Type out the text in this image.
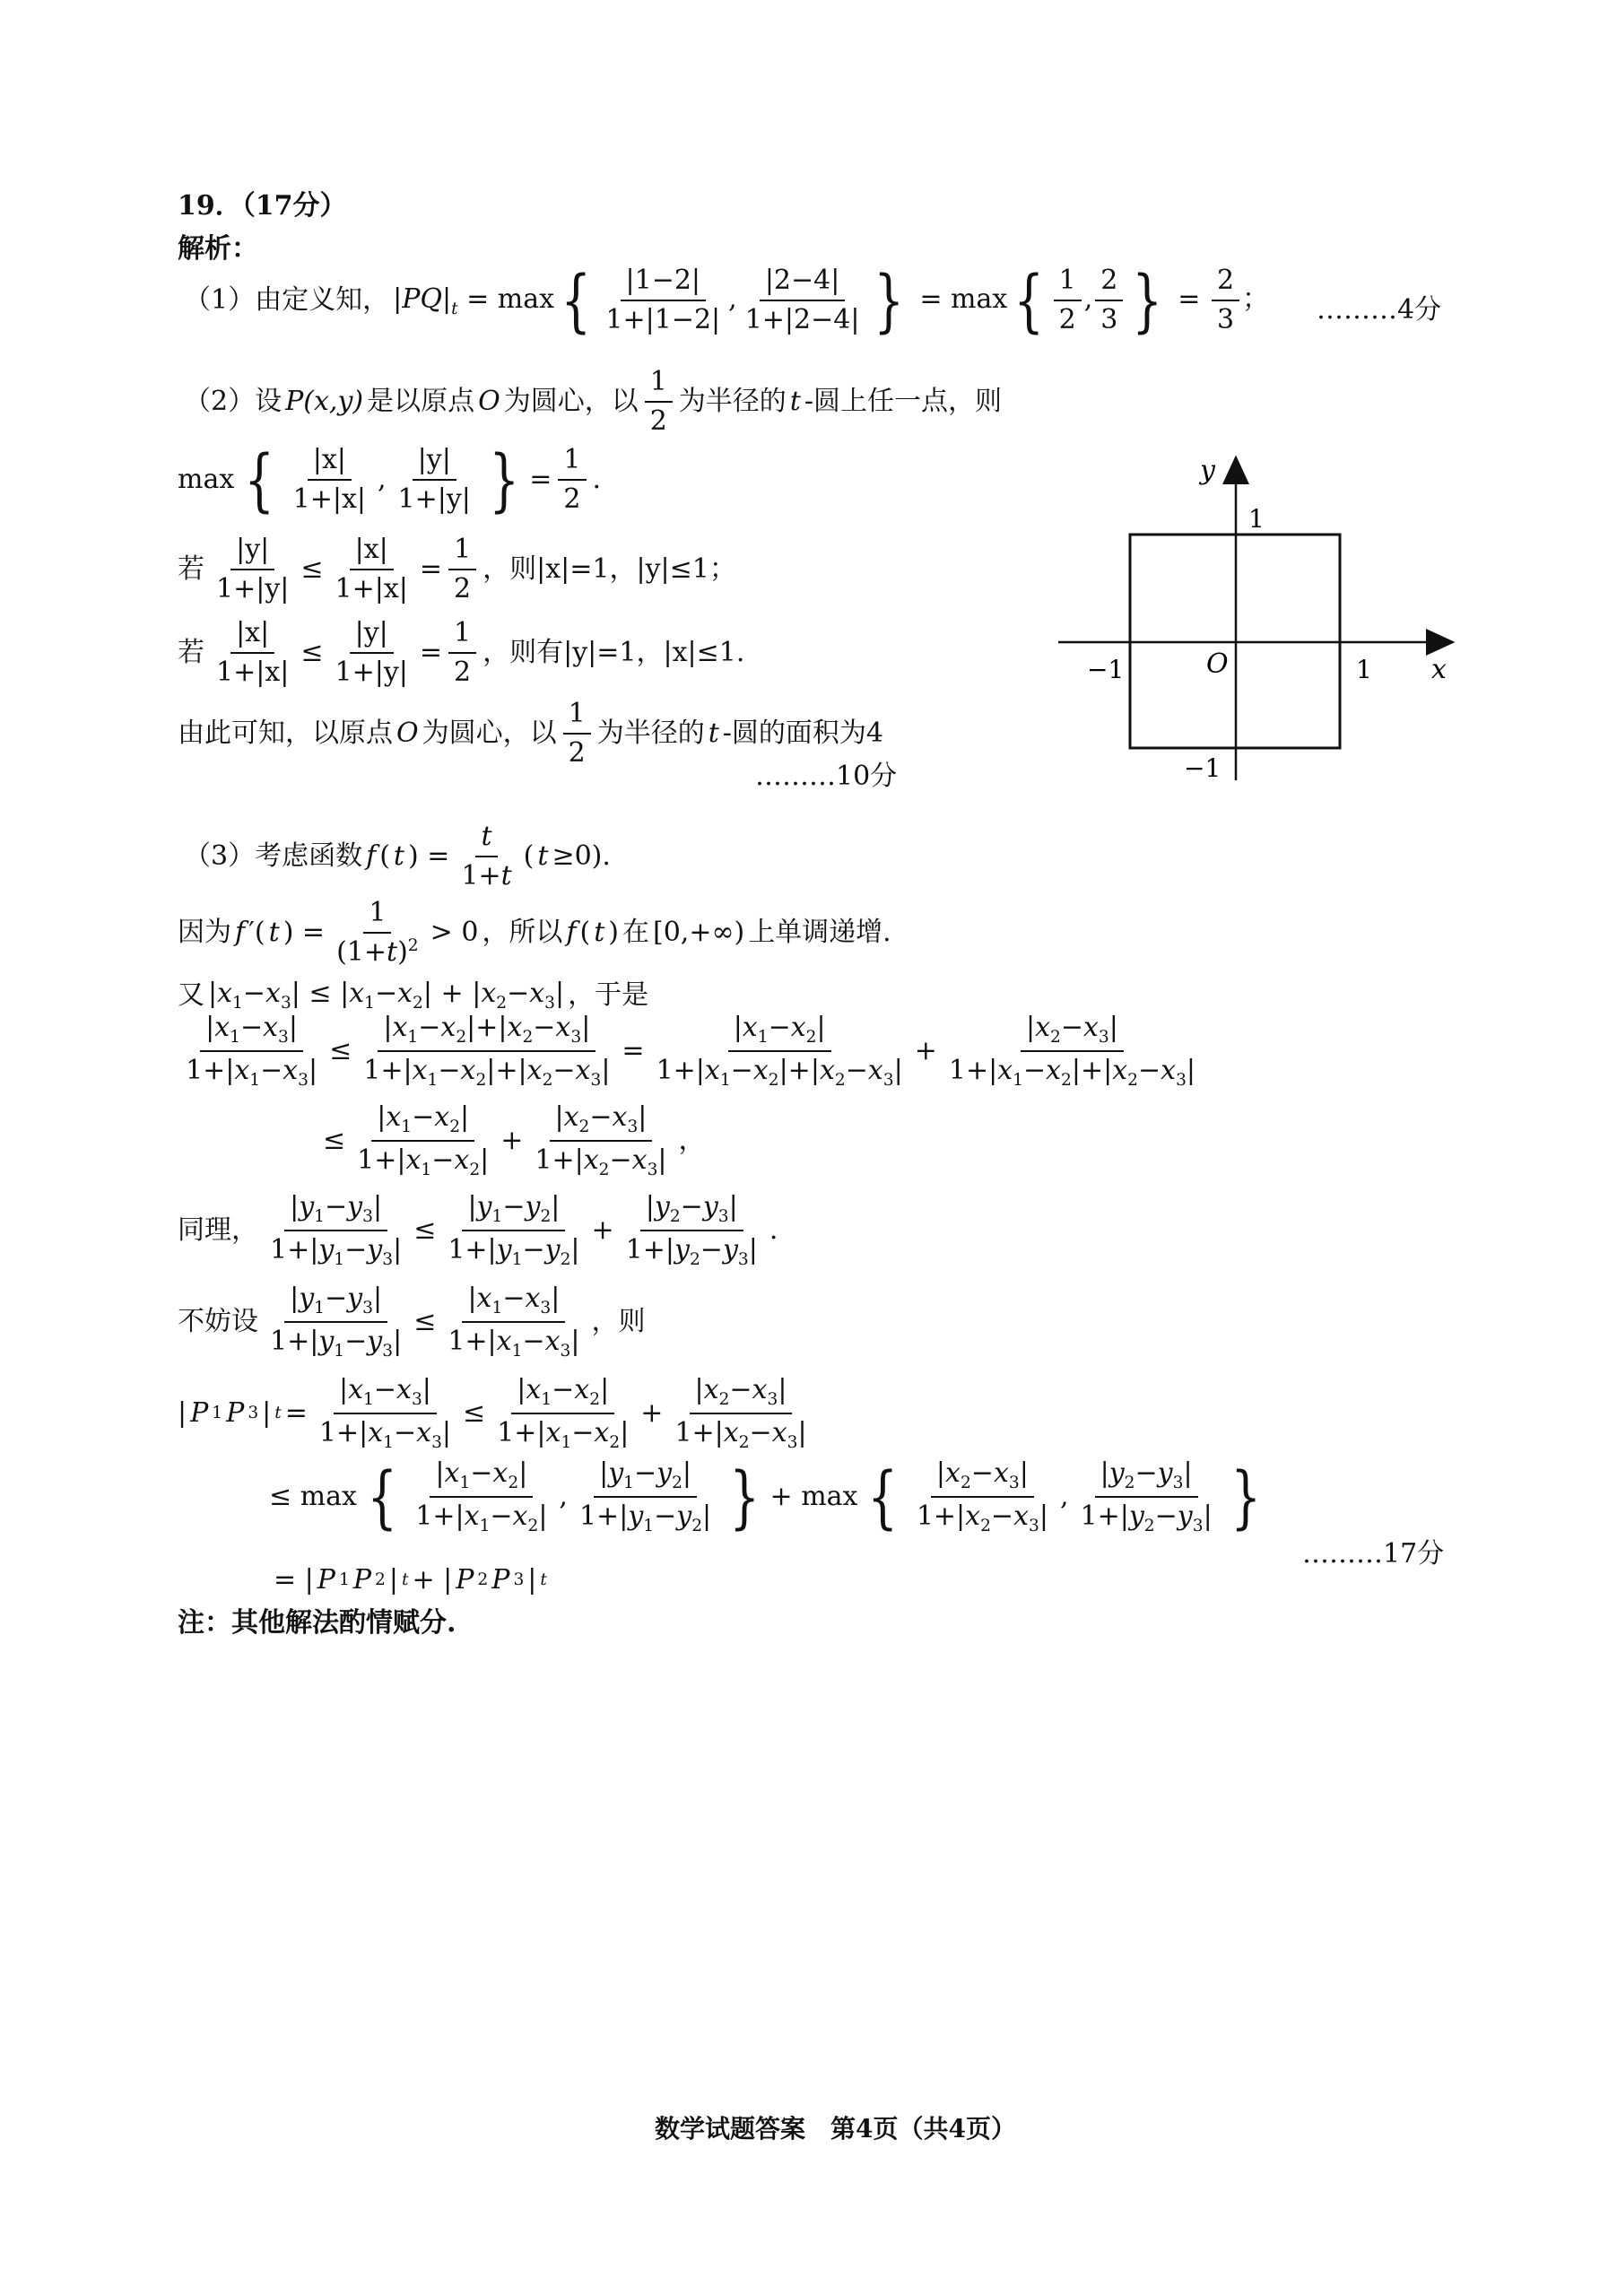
19．（17分）
解析：
（1）由定义知， $|PQ|_t = \max\{ \frac{|1-2|}{1+|1-2|}$ , $\frac{|2-4|}{1+|2-4|}$ } = $\max\{ \frac{1}{2}$ , $\frac{2}{3}$ } = $\frac{2}{3}$ ； ………4分
（2）设 P(x,y) 是以原点 O 为圆心，以 $\frac{1}{2}$ 为半径的 t -圆上任一点，则
max { $\frac{|x|}{1+|x|}$ , $\frac{|y|}{1+|y|}$ } = $\frac{1}{2}$ .
若 $\frac{|y|}{1+|y|} \le \frac{|x|}{1+|x|} = \frac{1}{2}$ ，则|x|=1，|y|≤1；
若 $\frac{|x|}{1+|x|} \le \frac{|y|}{1+|y|} = \frac{1}{2}$ ，则有|y|=1，|x|≤1.
由此可知，以原点 O 为圆心，以 $\frac{1}{2}$ 为半径的 t -圆的面积为4
………10分
y
1
−1	O	1 x
−1
（3）考虑函数 f ( t ) = $\frac{t}{1+t}$ ( t ≥0).
因为 f ′( t ) = $\frac{1}{(1+t)^2} > 0$ ，所以 f ( t ) 在 [0,+∞) 上单调递增.
又 $|x_1-x_3| \le |x_1-x_2| + |x_2-x_3|$ ，于是
$\frac{|x_1-x_3|}{1+|x_1-x_3|} \le \frac{|x_1-x_2|+|x_2-x_3|}{1+|x_1-x_2|+|x_2-x_3|} = \frac{|x_1-x_2|}{1+|x_1-x_2|+|x_2-x_3|} + \frac{|x_2-x_3|}{1+|x_1-x_2|+|x_2-x_3|}$
≤ $\frac{|x_1-x_2|}{1+|x_1-x_2|} + \frac{|x_2-x_3|}{1+|x_2-x_3|}$ ，
同理， $\frac{|y_1-y_3|}{1+|y_1-y_3|} \le \frac{|y_1-y_2|}{1+|y_1-y_2|} + \frac{|y_2-y_3|}{1+|y_2-y_3|}$ .
不妨设 $\frac{|y_1-y_3|}{1+|y_1-y_3|} \le \frac{|x_1-x_3|}{1+|x_1-x_3|}$ ，则
| P 1 P 3 | $t = \frac{|x_1-x_3|}{1+|x_1-x_3|} \le \frac{|x_1-x_2|}{1+|x_1-x_2|} + \frac{|x_2-x_3|}{1+|x_2-x_3|}$
≤ max { $\frac{|x_1-x_2|}{1+|x_1-x_2|}$ , $\frac{|y_1-y_2|}{1+|y_1-y_2|}$ } + max { $\frac{|x_2-x_3|}{1+|x_2-x_3|}$ , $\frac{|y_2-y_3|}{1+|y_2-y_3|}$ }
………17分
= | P 1 P 2 | t + | P 2 P 3 | t
注：其他解法酌情赋分.
数学试题答案　第4页（共4页）
